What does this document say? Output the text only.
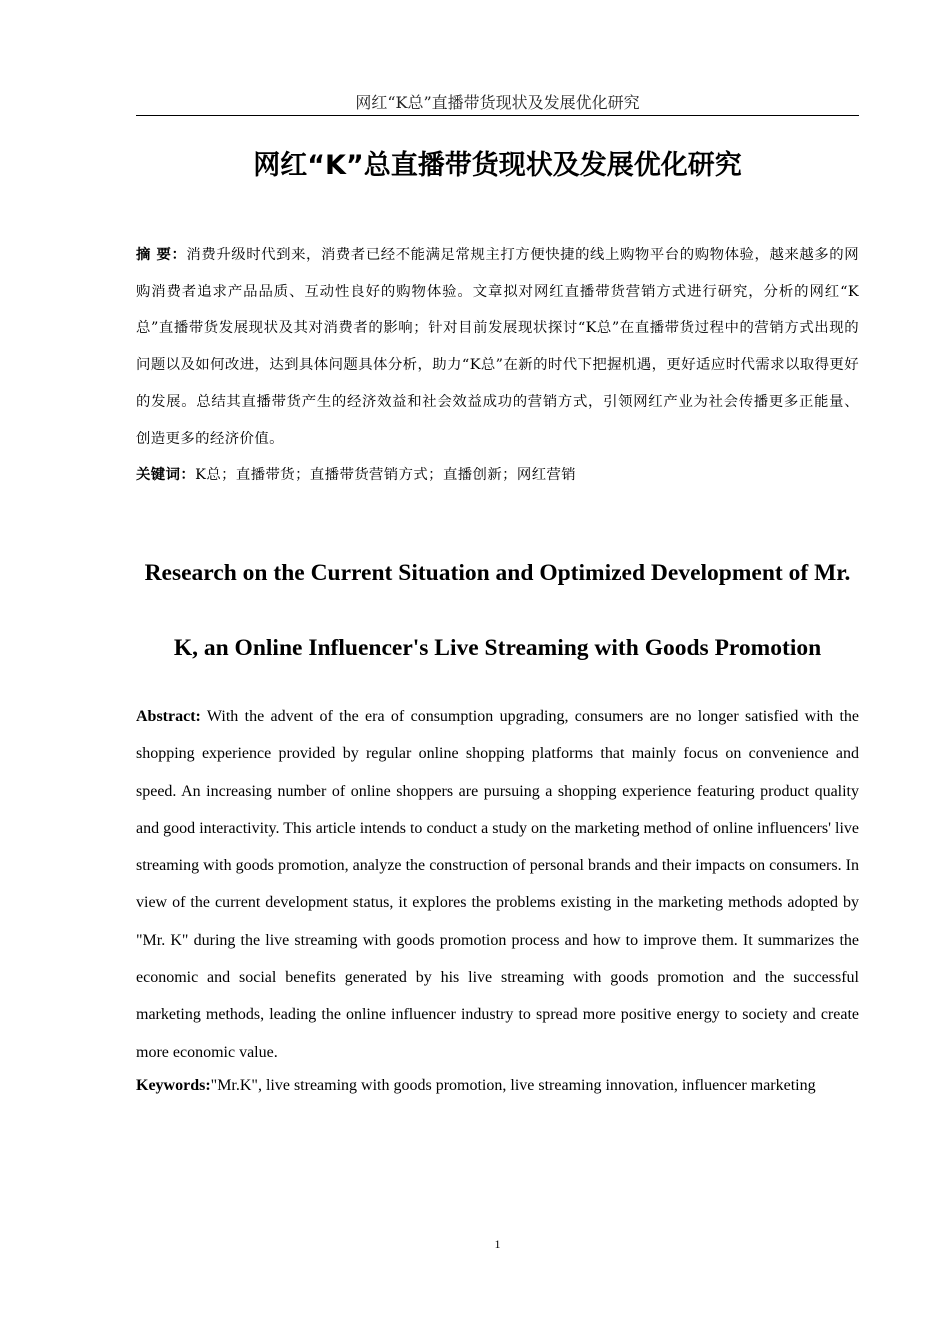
网红“K总”直播带货现状及发展优化研究
网红“K”总直播带货现状及发展优化研究
摘 要：消费升级时代到来，消费者已经不能满足常规主打方便快捷的线上购物平台的购物体验，越来越多的网购消费者追求产品品质、互动性良好的购物体验。文章拟对网红直播带货营销方式进行研究，分析的网红“K总”直播带货发展现状及其对消费者的影响；针对目前发展现状探讨“K总”在直播带货过程中的营销方式出现的问题以及如何改进，达到具体问题具体分析，助力“K总”在新的时代下把握机遇，更好适应时代需求以取得更好的发展。总结其直播带货产生的经济效益和社会效益成功的营销方式，引领网红产业为社会传播更多正能量、创造更多的经济价值。
关键词：K总；直播带货；直播带货营销方式；直播创新；网红营销
Research on the Current Situation and Optimized Development of Mr.
K, an Online Influencer's Live Streaming with Goods Promotion
Abstract: With the advent of the era of consumption upgrading, consumers are no longer satisfied with the shopping experience provided by regular online shopping platforms that mainly focus on convenience and speed. An increasing number of online shoppers are pursuing a shopping experience featuring product quality and good interactivity. This article intends to conduct a study on the marketing method of online influencers' live streaming with goods promotion, analyze the construction of personal brands and their impacts on consumers. In view of the current development status, it explores the problems existing in the marketing methods adopted by "Mr. K" during the live streaming with goods promotion process and how to improve them. It summarizes the economic and social benefits generated by his live streaming with goods promotion and the successful marketing methods, leading the online influencer industry to spread more positive energy to society and create more economic value.
Keywords:"Mr.K", live streaming with goods promotion, live streaming innovation, influencer marketing
1
